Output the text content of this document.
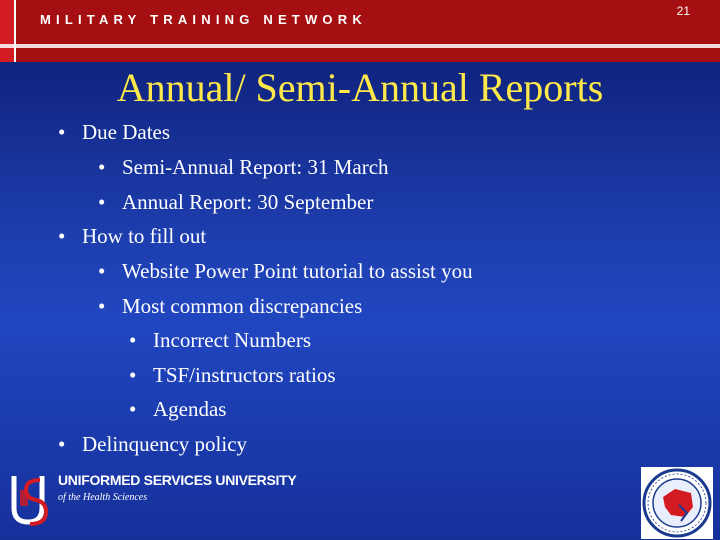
MILITARY TRAINING NETWORK
21
Annual/ Semi-Annual Reports
• Due Dates
• Semi-Annual Report: 31 March
• Annual Report: 30 September
• How to fill out
• Website Power Point tutorial to assist you
• Most common discrepancies
• Incorrect Numbers
• TSF/instructors ratios
• Agendas
• Delinquency policy
UNIFORMED SERVICES UNIVERSITY
of the Health Sciences
